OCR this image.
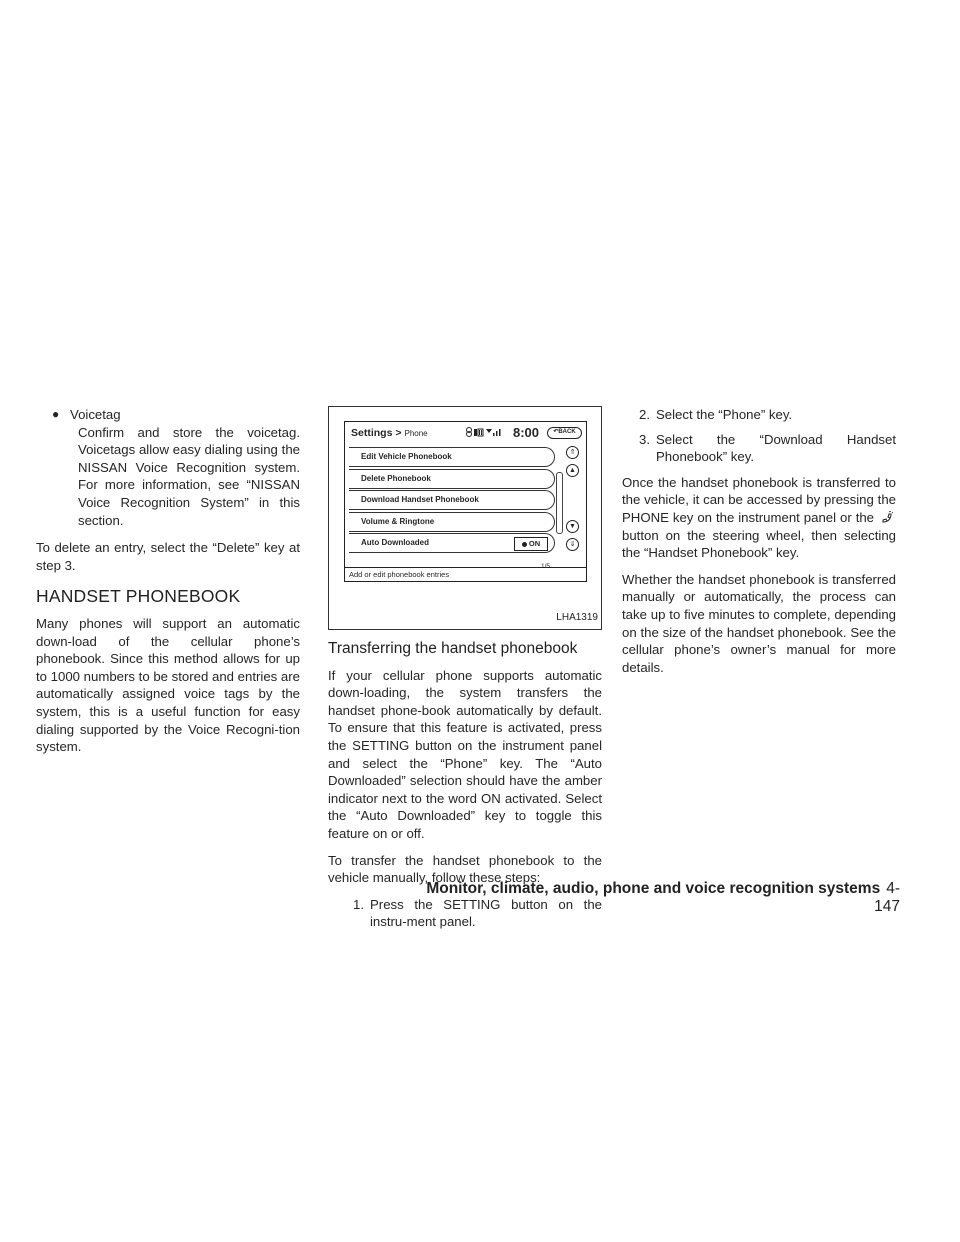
● Voicetag
Confirm and store the voicetag. Voicetags allow easy dialing using the NISSAN Voice Recognition system. For more information, see “NISSAN Voice Recognition System” in this section.

To delete an entry, select the “Delete” key at step 3.

HANDSET PHONEBOOK

Many phones will support an automatic down-load of the cellular phone’s phonebook. Since this method allows for up to 1000 numbers to be stored and entries are automatically assigned voice tags by the system, this is a useful function for easy dialing supported by the Voice Recogni-tion system.

Settings > Phone	8:00 ↶ BACK
Edit Vehicle Phonebook
Delete Phonebook
Download Handset Phonebook
Volume & Ringtone
Auto Downloaded	ON
⇑
▲
▼
⇓
1/5
Add or edit phonebook entries
LHA1319
Transferring the handset phonebook

If your cellular phone supports automatic down-loading, the system transfers the handset phone-book automatically by default. To ensure that this feature is activated, press the SETTING button on the instrument panel and select the “Phone” key. The “Auto Downloaded” selection should have the amber indicator next to the word ON activated. Select the “Auto Downloaded” key to toggle this feature on or off.

To transfer the handset phonebook to the vehicle manually, follow these steps:

1. Press the SETTING button on the instru-ment panel.
2. Select the “Phone” key.
3. Select the “Download Handset Phonebook” key.

Once the handset phonebook is transferred to the vehicle, it can be accessed by pressing the PHONE key on the instrument panel or the  button on the steering wheel, then selecting the “Handset Phonebook” key.

Whether the handset phonebook is transferred manually or automatically, the process can take up to five minutes to complete, depending on the size of the handset phonebook. See the cellular phone’s owner’s manual for more details.

Monitor, climate, audio, phone and voice recognition systems 4-147
